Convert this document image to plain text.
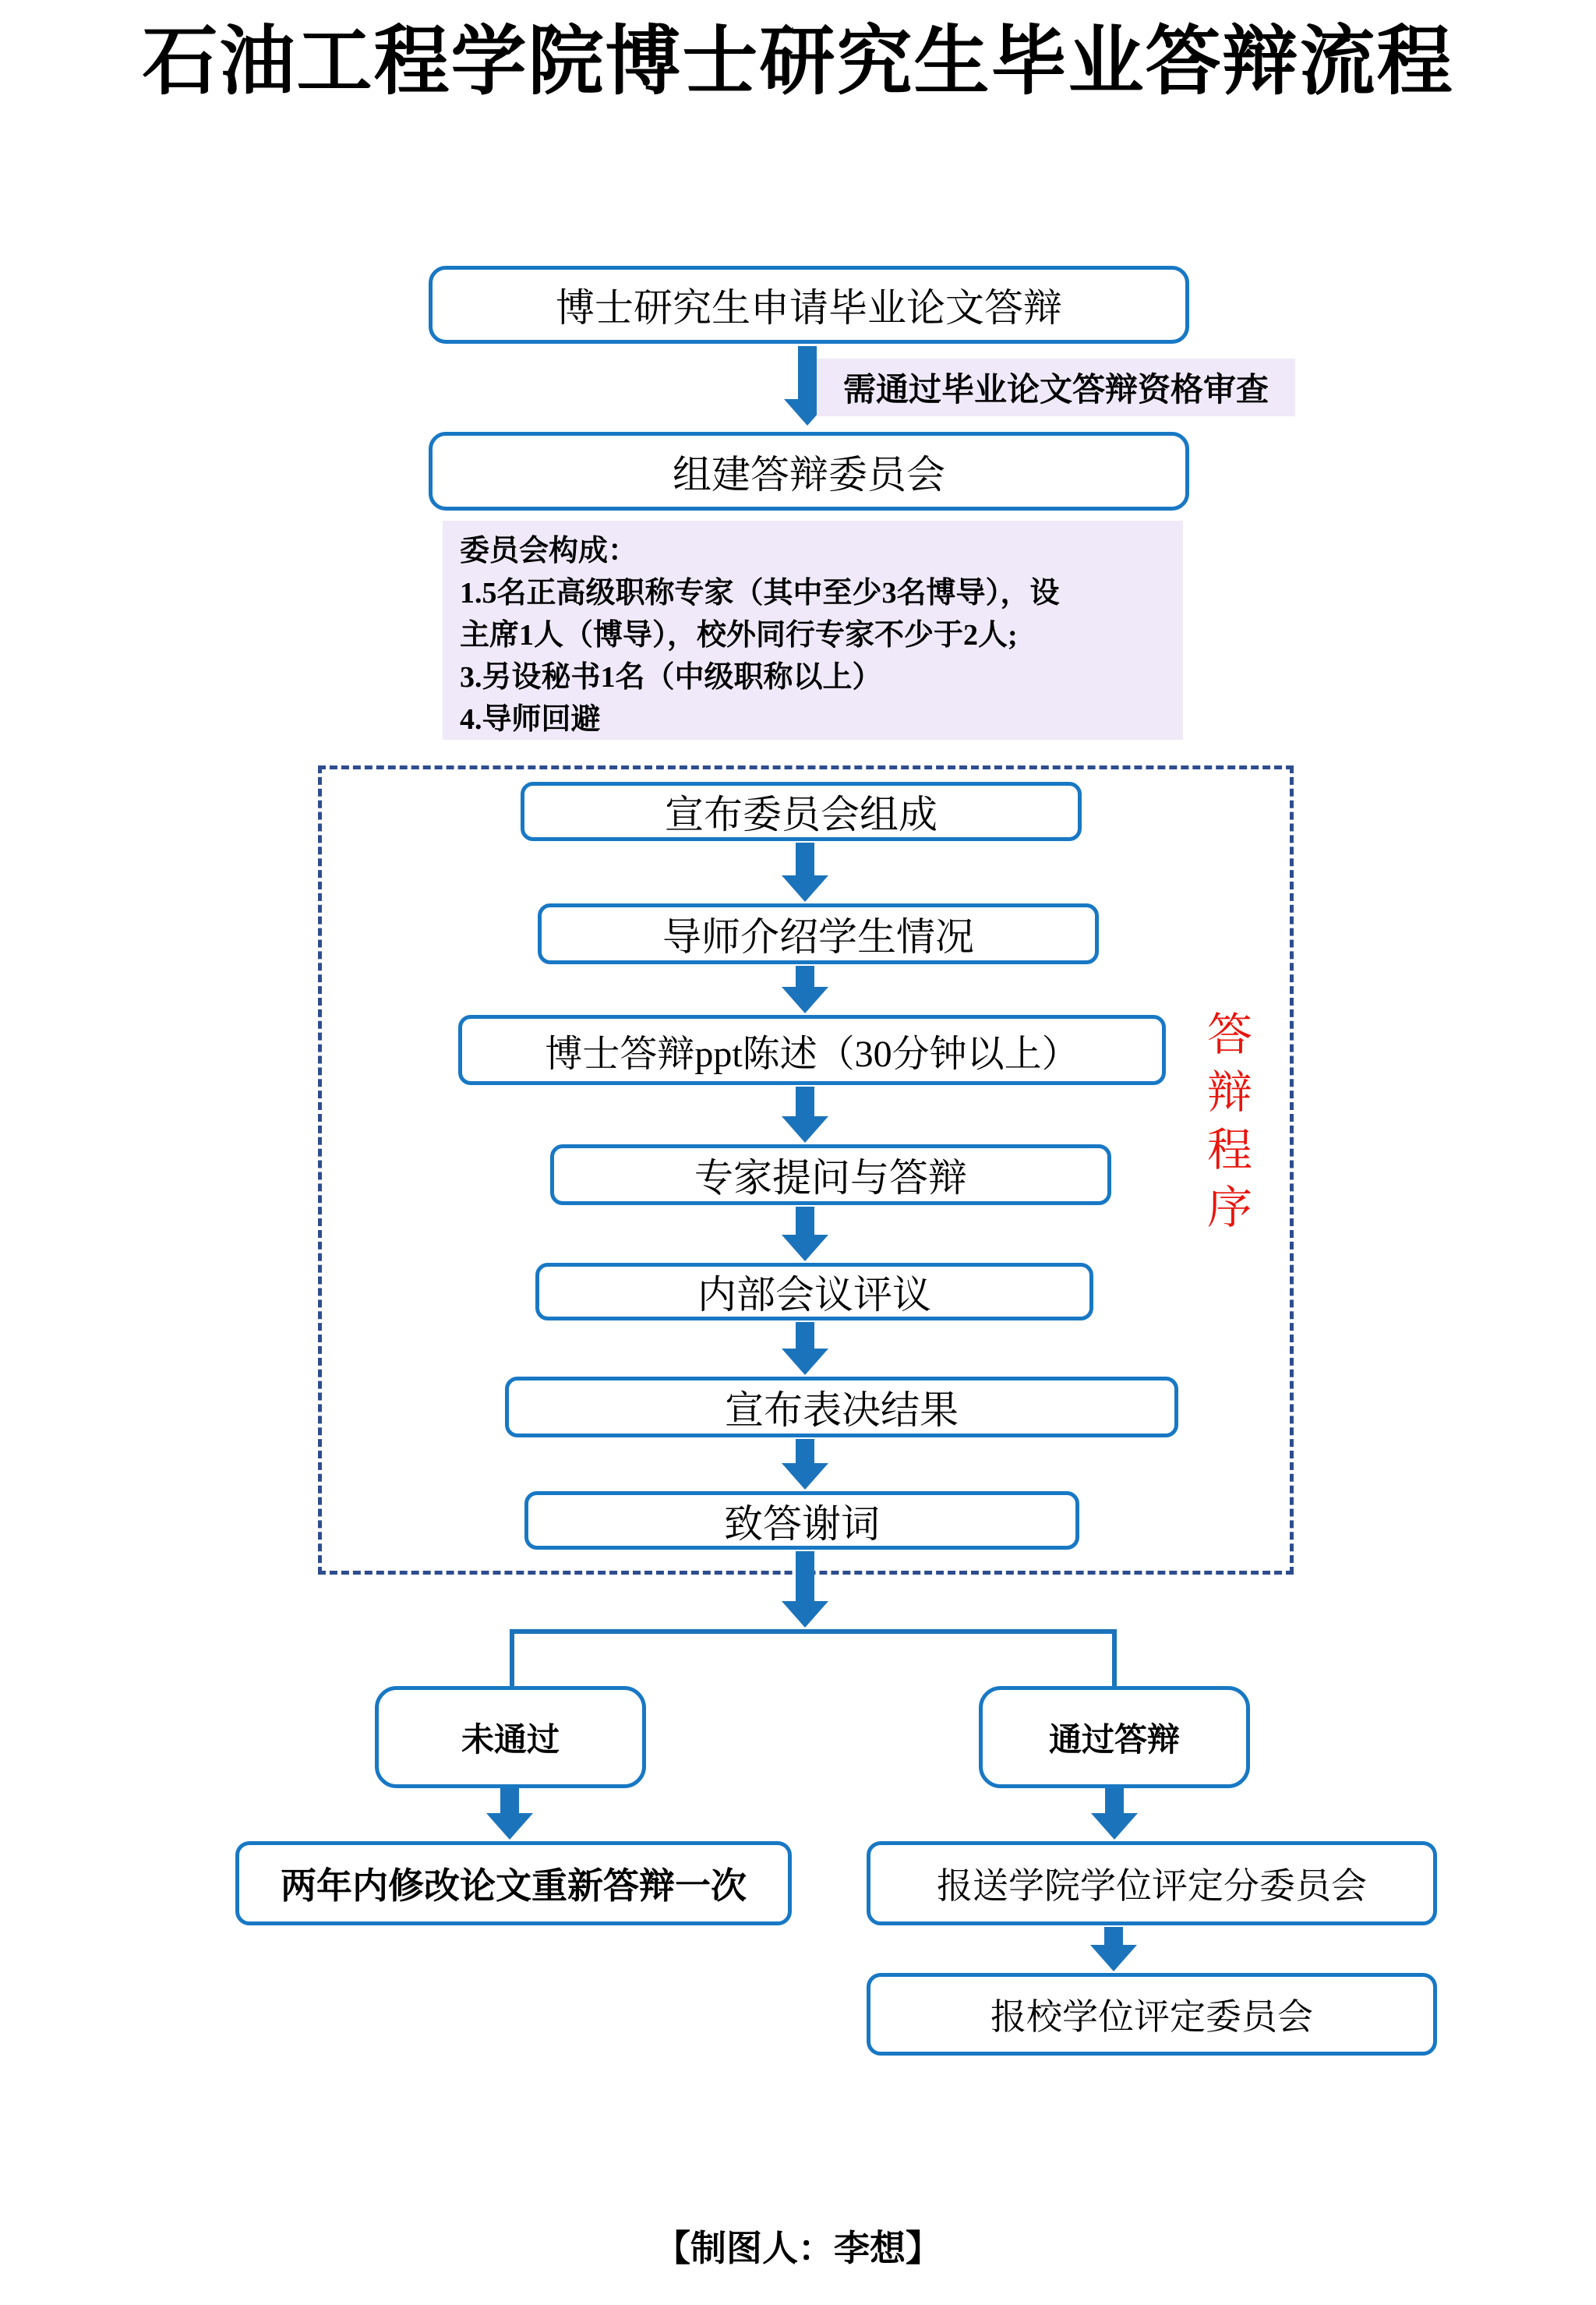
石油工程学院博士研究生毕业答辩流程
博士研究生申请毕业论文答辩
需通过毕业论文答辩资格审查
组建答辩委员会
委员会构成：
1.5名正高级职称专家（其中至少3名博导），设
主席1人（博导），校外同行专家不少于2人;
3.另设秘书1名（中级职称以上）
4.导师回避
宣布委员会组成
导师介绍学生情况
博士答辩ppt陈述（30分钟以上）
专家提问与答辩
内部会议评议
宣布表决结果
致答谢词
答辩程序
未通过	通过答辩
两年内修改论文重新答辩一次	报送学院学位评定分委员会
报校学位评定委员会
【制图人：李想】
